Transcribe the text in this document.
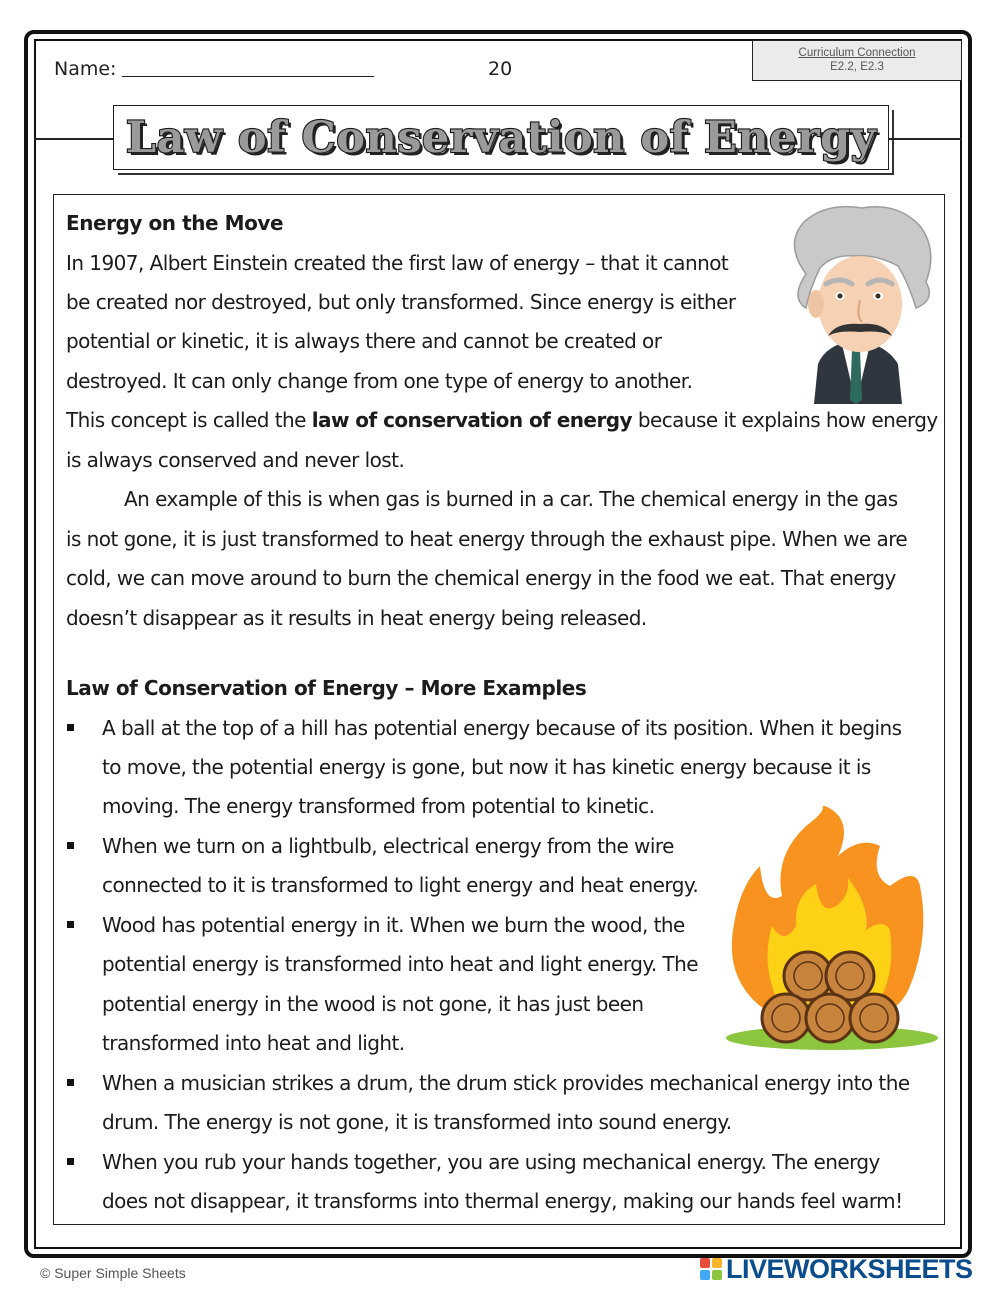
Name:	20
Curriculum Connection
E2.2, E2.3
Law of Conservation of Energy
Energy on the Move
In 1907, Albert Einstein created the first law of energy – that it cannot
be created nor destroyed, but only transformed. Since energy is either
potential or kinetic, it is always there and cannot be created or
destroyed. It can only change from one type of energy to another.
This concept is called the law of conservation of energy because it explains how energy
is always conserved and never lost.
An example of this is when gas is burned in a car. The chemical energy in the gas
is not gone, it is just transformed to heat energy through the exhaust pipe. When we are
cold, we can move around to burn the chemical energy in the food we eat. That energy
doesn’t disappear as it results in heat energy being released.
Law of Conservation of Energy – More Examples
A ball at the top of a hill has potential energy because of its position. When it begins
to move, the potential energy is gone, but now it has kinetic energy because it is
moving. The energy transformed from potential to kinetic.
When we turn on a lightbulb, electrical energy from the wire
connected to it is transformed to light energy and heat energy.
Wood has potential energy in it. When we burn the wood, the
potential energy is transformed into heat and light energy. The
potential energy in the wood is not gone, it has just been
transformed into heat and light.
When a musician strikes a drum, the drum stick provides mechanical energy into the
drum. The energy is not gone, it is transformed into sound energy.
When you rub your hands together, you are using mechanical energy. The energy
does not disappear, it transforms into thermal energy, making our hands feel warm!
© Super Simple Sheets	LIVEWORKSHEETS
